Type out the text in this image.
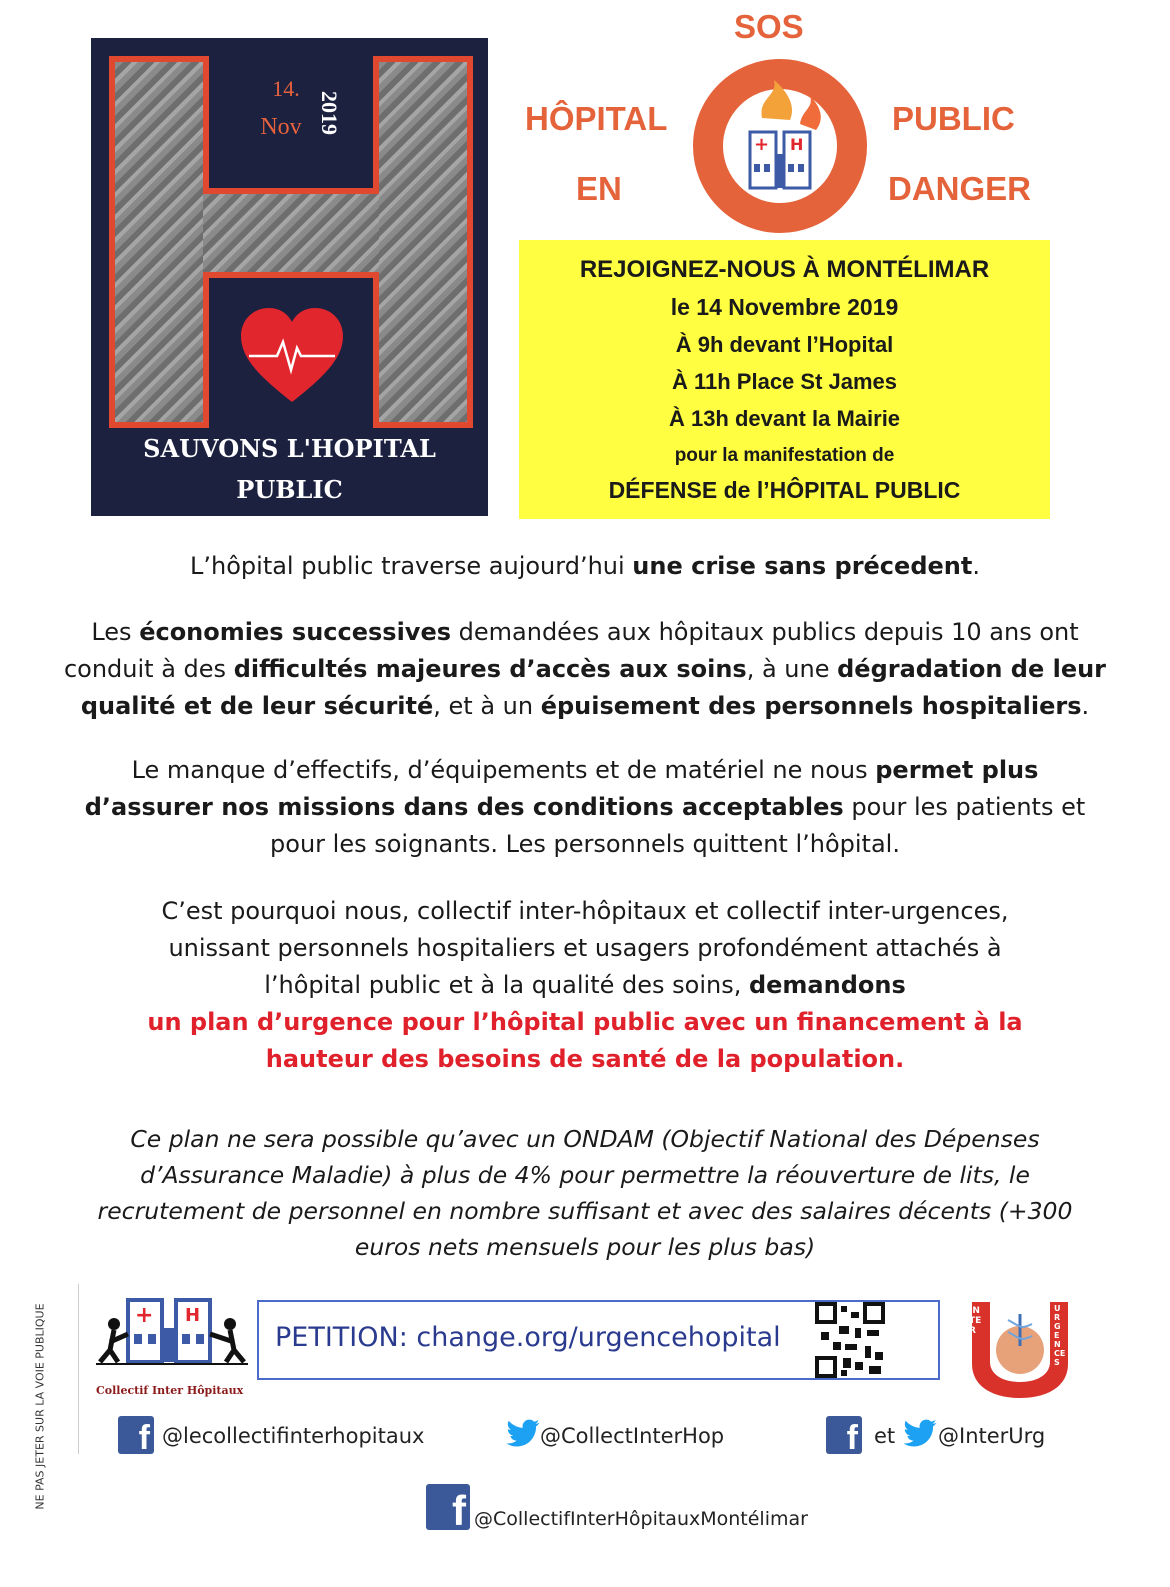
14.
Nov 2019
SAUVONS L'HOPITAL
PUBLIC
SOS
HÔPITAL	PUBLIC
EN	DANGER
+ H
REJOIGNEZ-NOUS À MONTÉLIMAR
le 14 Novembre 2019
À 9h devant l’Hopital
À 11h Place St James
À 13h devant la Mairie
pour la manifestation de
DÉFENSE de l’HÔPITAL PUBLIC
L’hôpital public traverse aujourd’hui une crise sans précedent.
Les économies successives demandées aux hôpitaux publics depuis 10 ans ont
conduit à des difficultés majeures d’accès aux soins, à une dégradation de leur
qualité et de leur sécurité, et à un épuisement des personnels hospitaliers.
Le manque d’effectifs, d’équipements et de matériel ne nous permet plus
d’assurer nos missions dans des conditions acceptables pour les patients et
pour les soignants. Les personnels quittent l’hôpital.
C’est pourquoi nous, collectif inter-hôpitaux et collectif inter-urgences,
unissant personnels hospitaliers et usagers profondément attachés à
l’hôpital public et à la qualité des soins, demandons
un plan d’urgence pour l’hôpital public avec un financement à la
hauteur des besoins de santé de la population.
Ce plan ne sera possible qu’avec un ONDAM (Objectif National des Dépenses
d’Assurance Maladie) à plus de 4% pour permettre la réouverture de lits, le
recrutement de personnel en nombre suffisant et avec des salaires décents (+300
euros nets mensuels pour les plus bas)
NE PAS JETER SUR LA VOIE PUBLIQUE	+ H
Collectif Inter Hôpitaux
PETITION: change.org/urgencehopital
INTER
URGENCES
f @lecollectifinterhopitaux	@CollectInterHop	f et @InterUrg
f @CollectifInterHôpitauxMontélimar
